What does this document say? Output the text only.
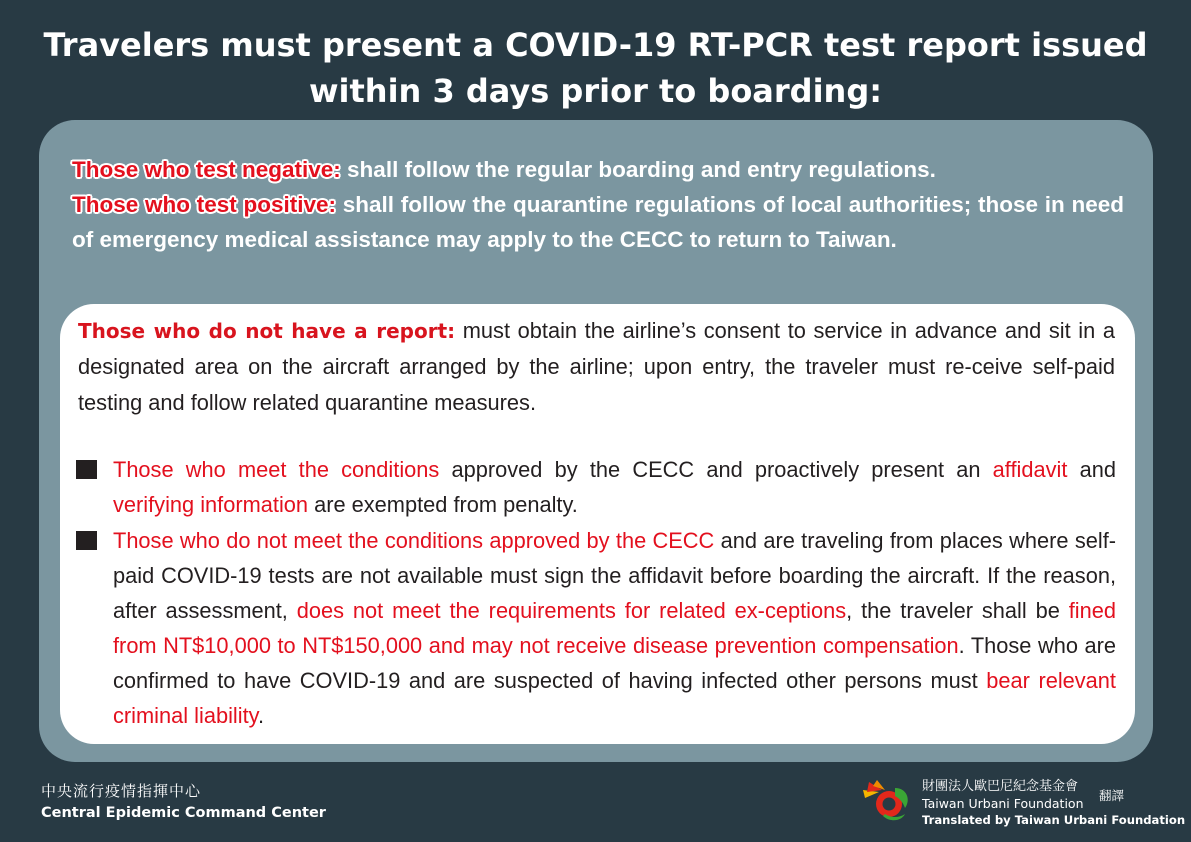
Travelers must present a COVID-19 RT-PCR test report issued
within 3 days prior to boarding:

Those who test negative: shall follow the regular boarding and entry regulations.

Those who test positive: shall follow the quarantine regulations of local authorities; those in need of emergency medical assistance may apply to the CECC to return to Taiwan.

Those who do not have a report: must obtain the airline’s consent to service in advance and sit in a designated area on the aircraft arranged by the airline; upon entry, the traveler must re-ceive self-paid testing and follow related quarantine measures.

Those who meet the conditions approved by the CECC and proactively present an affidavit and verifying information are exempted from penalty.
Those who do not meet the conditions approved by the CECC and are traveling from places where self-paid COVID-19 tests are not available must sign the affidavit before boarding the aircraft. If the reason, after assessment, does not meet the requirements for related ex-ceptions, the traveler shall be fined from NT$10,000 to NT$150,000 and may not receive disease prevention compensation. Those who are confirmed to have COVID-19 and are suspected of having infected other persons must bear relevant criminal liability.
中央流行疫情指揮中心
Central Epidemic Command Center
財團法人歐巴尼紀念基金會
Taiwan Urbani Foundation
翻譯
Translated by Taiwan Urbani Foundation
